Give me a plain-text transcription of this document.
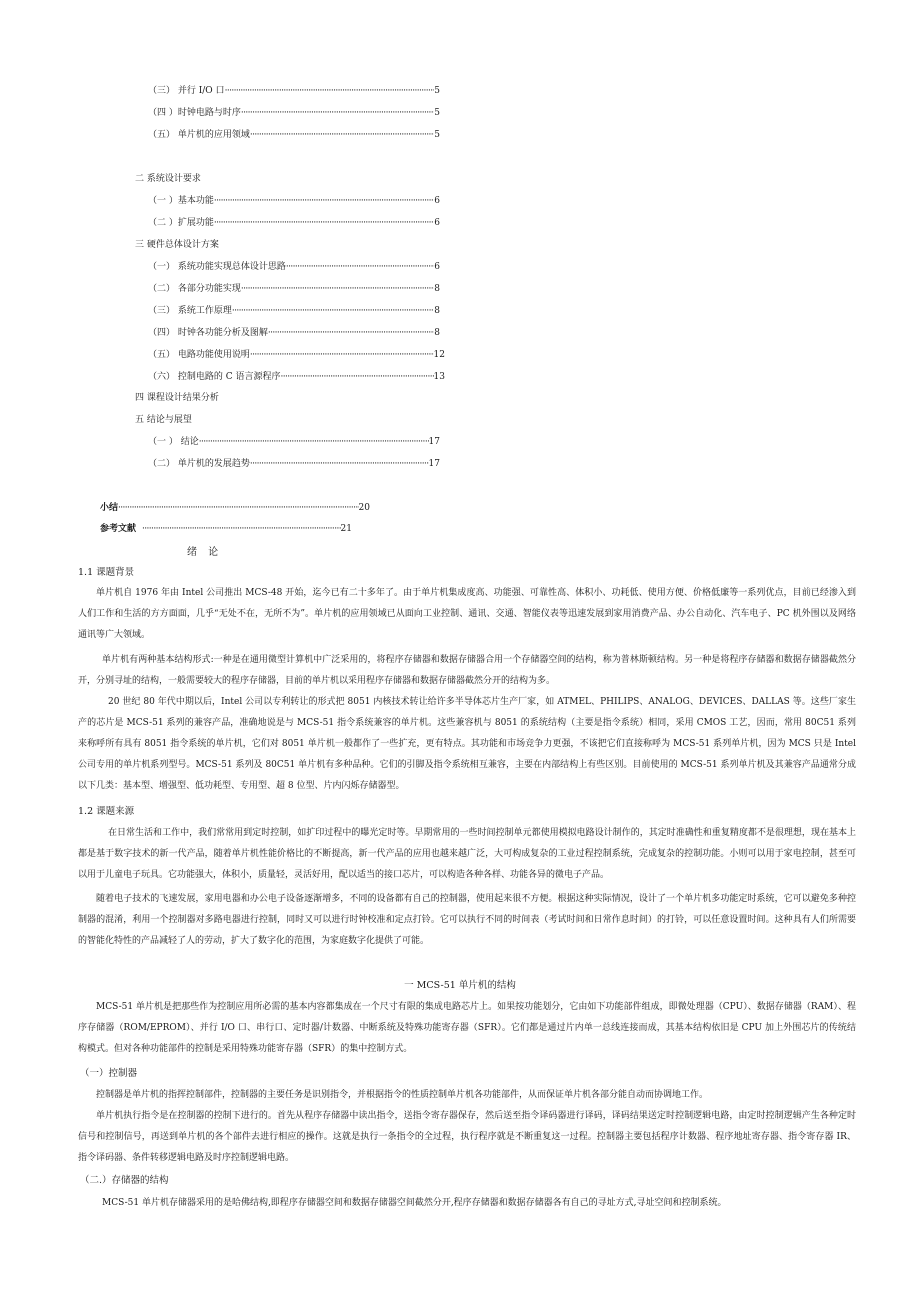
（三） 并行 I/O 口 ·····	5
（四 ）时钟电路与时序 ·····	5
（五） 单片机的应用领域 ·····	5
二 系统设计要求
（一 ）基本功能 ·····	6
（二 ）扩展功能 ·····	6
三 硬件总体设计方案
（一） 系统功能实现总体设计思路 ·····	6
（二） 各部分功能实现 ·····	8
（三） 系统工作原理 ·····	8
（四） 时钟各功能分析及图解 ·····	8
（五） 电路功能使用说明 ·····	12
（六） 控制电路的 C 语言源程序 ·····	13
四 课程设计结果分析
五 结论与展望
（一 ） 结论 ·····	17
（二） 单片机的发展趋势 ·····	17
小结 ·····	20
参考文献 ·····	21
绪 论
1.1 课题背景

单片机自 1976 年由 Intel 公司推出 MCS-48 开始，迄今已有二十多年了。由于单片机集成度高、功能强、可靠性高、体积小、功耗低、使用方便、价格低廉等一系列优点，目前已经渗入到人们工作和生活的方方面面，几乎“无处不在，无所不为”。单片机的应用领域已从面向工业控制、通讯、交通、智能仪表等迅速发展到家用消费产品、办公自动化、汽车电子、PC 机外围以及网络通讯等广大领域。

单片机有两种基本结构形式:一种是在通用微型计算机中广泛采用的，将程序存储器和数据存储器合用一个存储器空间的结构，称为普林斯顿结构。另一种是将程序存储器和数据存储器截然分开，分别寻址的结构，一般需要较大的程序存储器，目前的单片机以采用程序存储器和数据存储器截然分开的结构为多。

20 世纪 80 年代中期以后，Intel 公司以专利转让的形式把 8051 内核技术转让给许多半导体芯片生产厂家，如 ATMEL、PHILIPS、ANALOG、DEVICES、DALLAS 等。这些厂家生产的芯片是 MCS-51 系列的兼容产品，准确地说是与 MCS-51 指令系统兼容的单片机。这些兼容机与 8051 的系统结构（主要是指令系统）相同，采用 CMOS 工艺，因而，常用 80C51 系列来称呼所有具有 8051 指令系统的单片机，它们对 8051 单片机一般都作了一些扩充，更有特点。其功能和市场竞争力更强，不该把它们直接称呼为 MCS-51 系列单片机，因为 MCS 只是 Intel 公司专用的单片机系列型号。MCS-51 系列及 80C51 单片机有多种品种。它们的引脚及指令系统相互兼容，主要在内部结构上有些区别。目前使用的 MCS-51 系列单片机及其兼容产品通常分成以下几类：基本型、增强型、低功耗型、专用型、超 8 位型、片内闪烁存储器型。

1.2 课题来源

在日常生活和工作中，我们常常用到定时控制，如扩印过程中的曝光定时等。早期常用的一些时间控制单元都使用模拟电路设计制作的，其定时准确性和重复精度都不是很理想，现在基本上都是基于数字技术的新一代产品，随着单片机性能价格比的不断提高，新一代产品的应用也越来越广泛，大可构成复杂的工业过程控制系统，完成复杂的控制功能。小则可以用于家电控制，甚至可以用于儿童电子玩具。它功能强大，体积小，质量轻，灵活好用，配以适当的接口芯片，可以构造各种各样、功能各异的微电子产品。

随着电子技术的飞速发展，家用电器和办公电子设备逐渐增多，不同的设备都有自己的控制器，使用起来很不方便。根据这种实际情况，设计了一个单片机多功能定时系统，它可以避免多种控制器的混淆，利用一个控制器对多路电器进行控制，同时又可以进行时钟校准和定点打铃。它可以执行不同的时间表（考试时间和日常作息时间）的打铃，可以任意设置时间。这种具有人们所需要的智能化特性的产品减轻了人的劳动，扩大了数字化的范围，为家庭数字化提供了可能。

一 MCS-51 单片机的结构

MCS-51 单片机是把那些作为控制应用所必需的基本内容都集成在一个尺寸有限的集成电路芯片上。如果按功能划分，它由如下功能部件组成，即微处理器（CPU）、数据存储器（RAM）、程序存储器（ROM/EPROM）、并行 I/O 口、串行口、定时器/计数器、中断系统及特殊功能寄存器（SFR）。它们都是通过片内单一总线连接而成，其基本结构依旧是 CPU 加上外围芯片的传统结构模式。但对各种功能部件的控制是采用特殊功能寄存器（SFR）的集中控制方式。

（一）控制器

控制器是单片机的指挥控制部件，控制器的主要任务是识别指令，并根据指令的性质控制单片机各功能部件，从而保证单片机各部分能自动而协调地工作。

单片机执行指令是在控制器的控制下进行的。首先从程序存储器中读出指令，送指令寄存器保存，然后送至指令译码器进行译码，译码结果送定时控制逻辑电路，由定时控制逻辑产生各种定时信号和控制信号，再送到单片机的各个部件去进行相应的操作。这就是执行一条指令的全过程，执行程序就是不断重复这一过程。控制器主要包括程序计数器、程序地址寄存器、指令寄存器 IR、指令译码器、条件转移逻辑电路及时序控制逻辑电路。

（二.）存储器的结构

MCS-51 单片机存储器采用的是哈佛结构,即程序存储器空间和数据存储器空间截然分开,程序存储器和数据存储器各有自己的寻址方式,寻址空间和控制系统。
